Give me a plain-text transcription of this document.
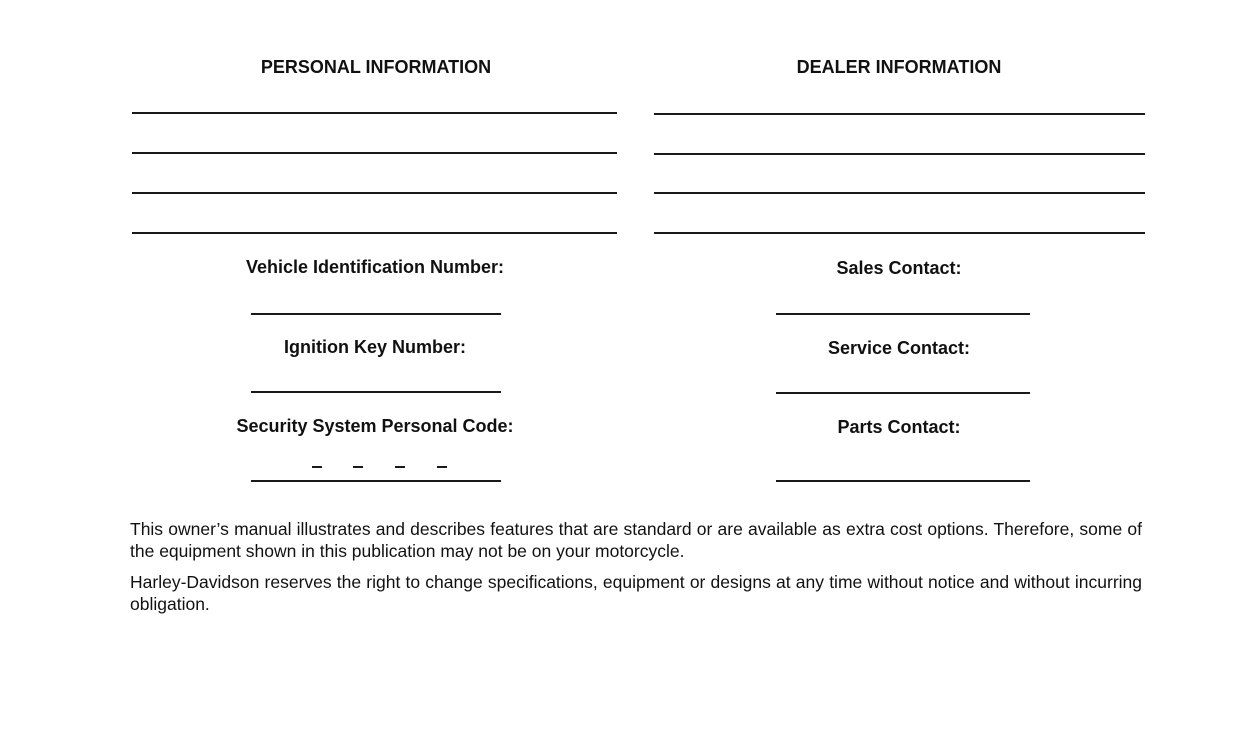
PERSONAL INFORMATION	DEALER INFORMATION
Vehicle Identification Number:
Ignition Key Number:
Security System Personal Code:
Sales Contact:
Service Contact:
Parts Contact:

This owner’s manual illustrates and describes features that are standard or are available as extra cost options. Therefore, some of the equipment shown in this publication may not be on your motorcycle.

Harley-Davidson reserves the right to change specifications, equipment or designs at any time without notice and without incurring obligation.
